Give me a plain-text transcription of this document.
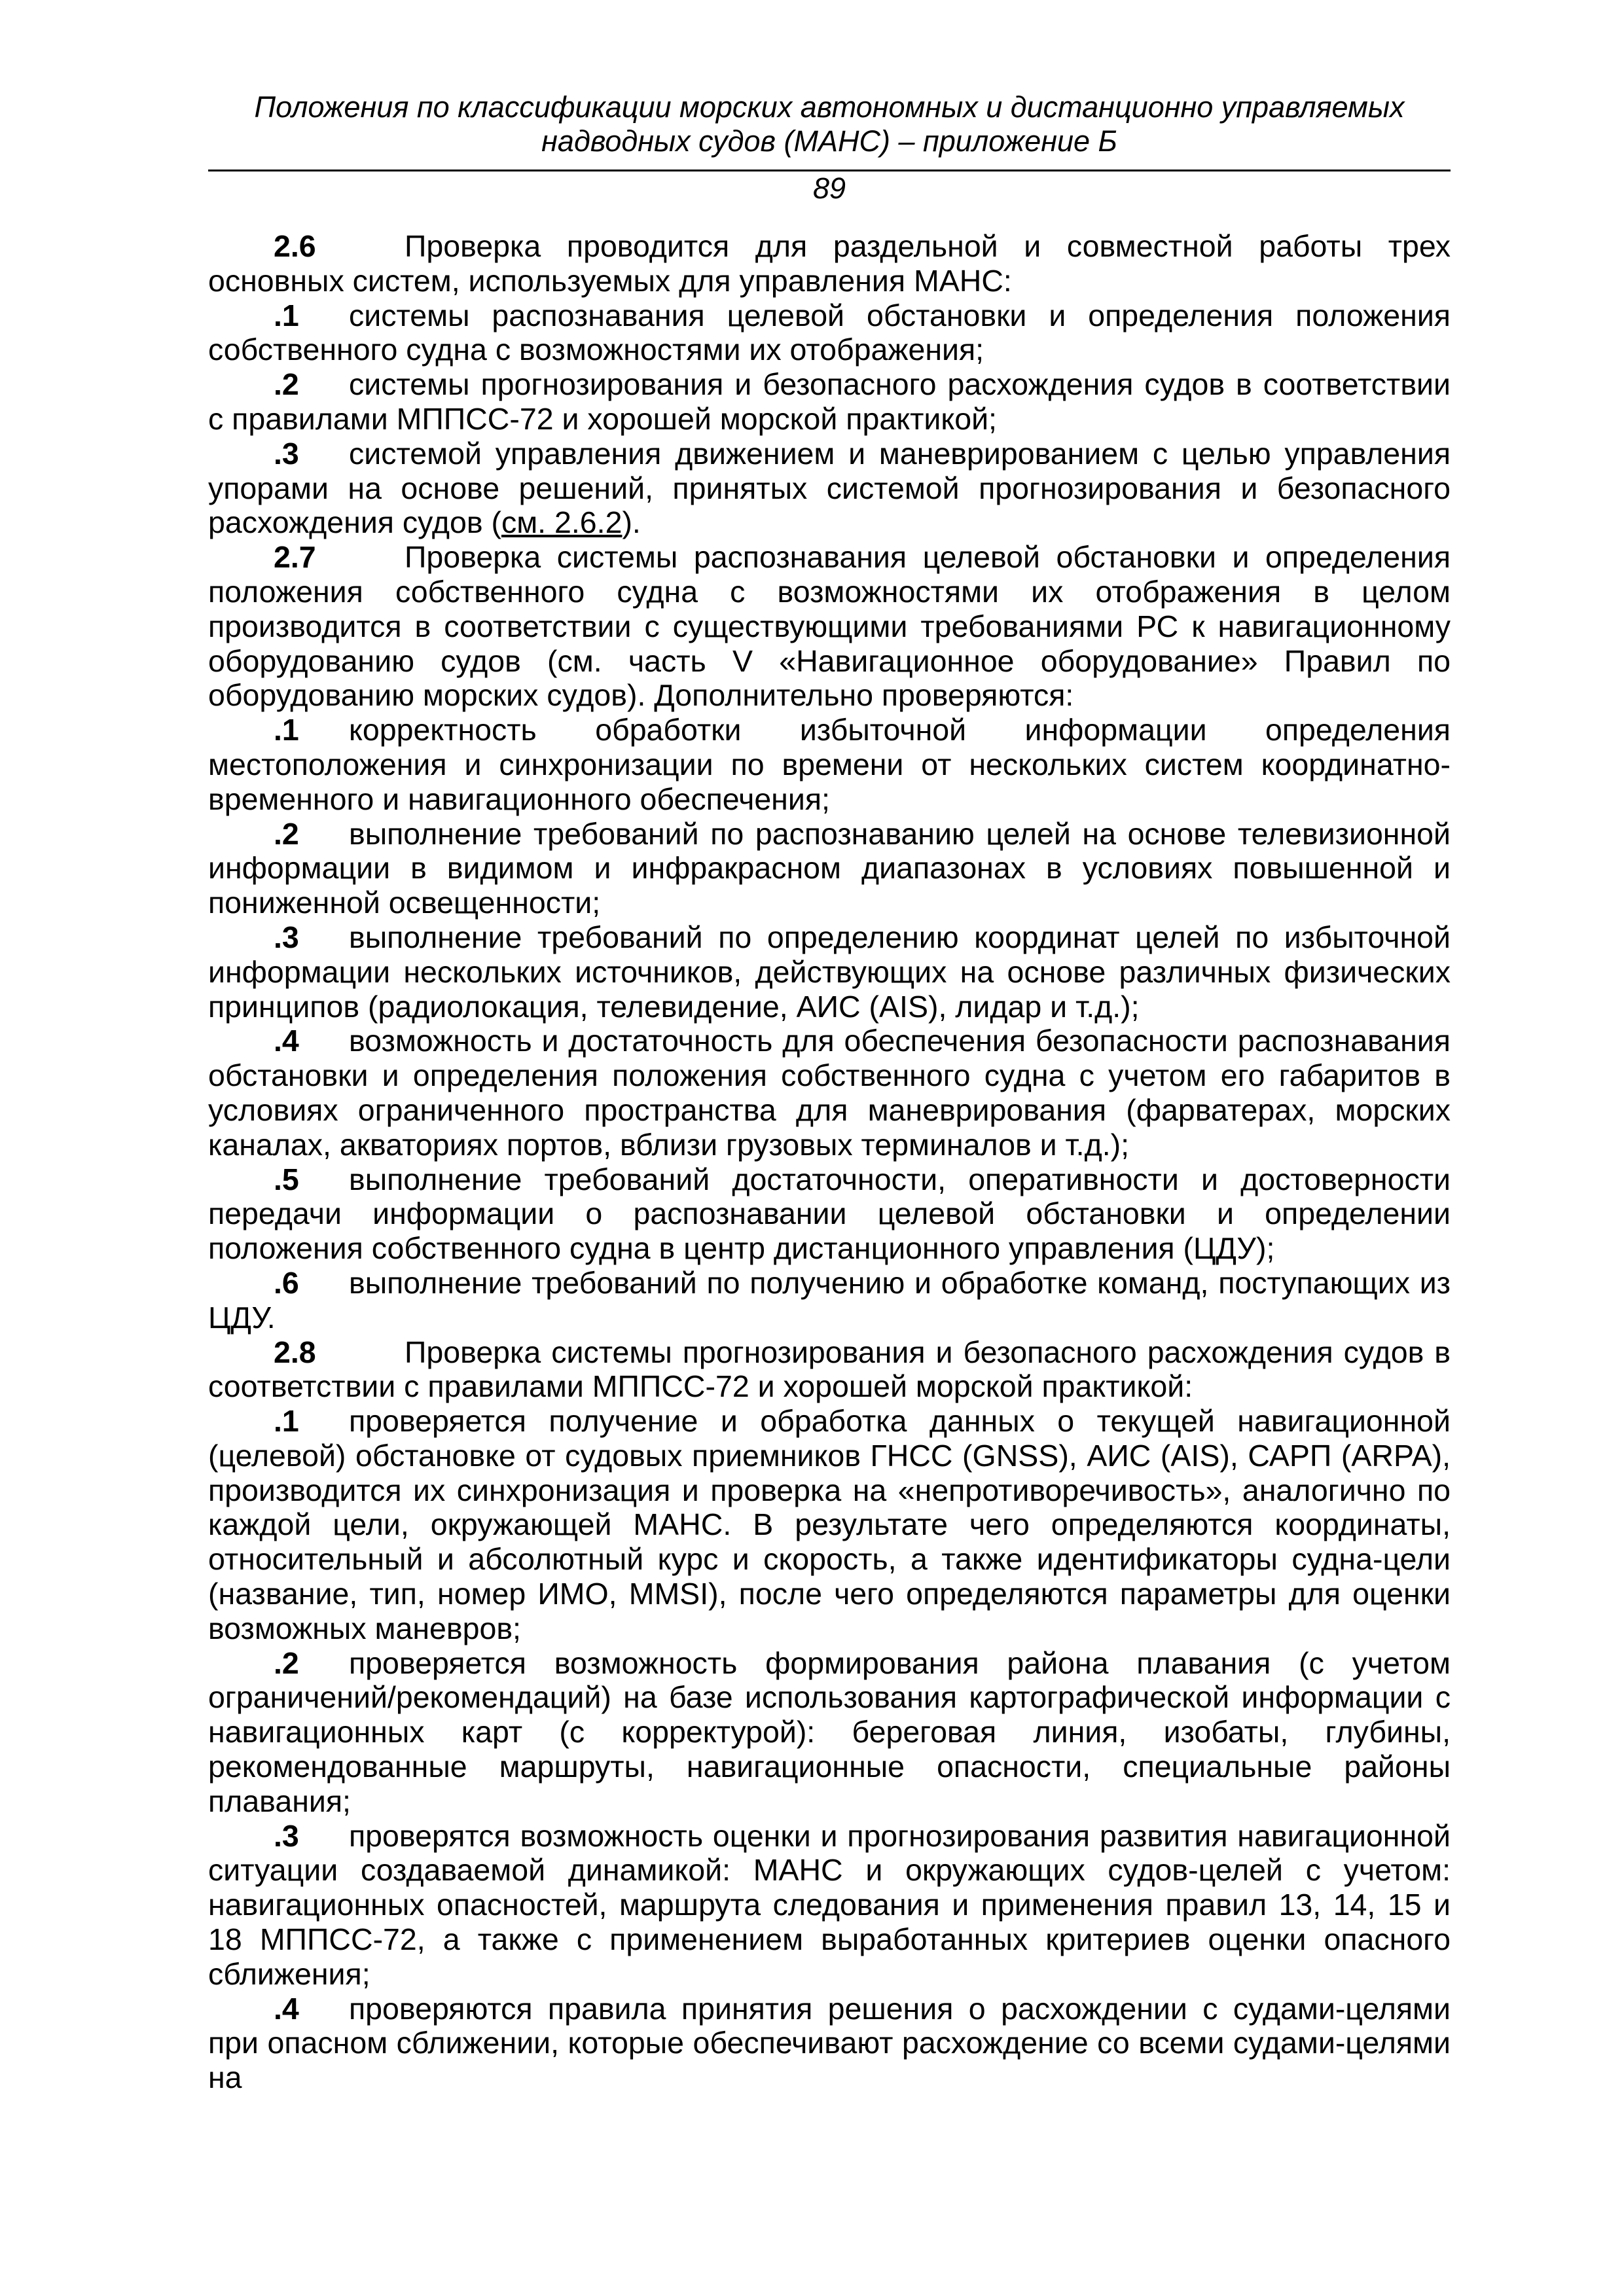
Положения по классификации морских автономных и дистанционно управляемых
надводных судов (МАНС) – приложение Б
89

2.6	Проверка проводится для раздельной и совместной работы трех основных систем, используемых для управления МАНС:

.1 системы распознавания целевой обстановки и определения положения собственного судна с возможностями их отображения;

.2 системы прогнозирования и безопасного расхождения судов в соответствии с правилами МППСС-72 и хорошей морской практикой;

.3 системой управления движением и маневрированием с целью управления упорами на основе решений, принятых системой прогнозирования и безопасного расхождения судов (см. 2.6.2).

2.7	Проверка системы распознавания целевой обстановки и определения положения собственного судна с возможностями их отображения в целом производится в соответствии с существующими требованиями РС к навигационному оборудованию судов (см. часть V «Навигационное оборудование» Правил по оборудованию морских судов). Дополнительно проверяются:

.1 корректность обработки избыточной информации определения местоположения и синхронизации по времени от нескольких систем координатно-временного и навигационного обеспечения;

.2 выполнение требований по распознаванию целей на основе телевизионной информации в видимом и инфракрасном диапазонах в условиях повышенной и пониженной освещенности;

.3 выполнение требований по определению координат целей по избыточной информации нескольких источников, действующих на основе различных физических принципов (радиолокация, телевидение, АИС (AIS), лидар и т.д.);

.4 возможность и достаточность для обеспечения безопасности распознавания обстановки и определения положения собственного судна с учетом его габаритов в условиях ограниченного пространства для маневрирования (фарватерах, морских каналах, акваториях портов, вблизи грузовых терминалов и т.д.);

.5 выполнение требований достаточности, оперативности и достоверности передачи информации о распознавании целевой обстановки и определении положения собственного судна в центр дистанционного управления (ЦДУ);

.6 выполнение требований по получению и обработке команд, поступающих из ЦДУ.

2.8	Проверка системы прогнозирования и безопасного расхождения судов в соответствии с правилами МППСС-72 и хорошей морской практикой:

.1 проверяется получение и обработка данных о текущей навигационной (целевой) обстановке от судовых приемников ГНСС (GNSS), АИС (AIS), САРП (ARPA), производится их синхронизация и проверка на «непротиворечивость», аналогично по каждой цели, окружающей МАНС. В результате чего определяются координаты, относительный и абсолютный курс и скорость, а также идентификаторы судна-цели (название, тип, номер ИМО, MMSI), после чего определяются параметры для оценки возможных маневров;

.2 проверяется возможность формирования района плавания (с учетом ограничений/рекомендаций) на базе использования картографической информации с навигационных карт (с корректурой): береговая линия, изобаты, глубины, рекомендованные маршруты, навигационные опасности, специальные районы плавания;

.3 проверятся возможность оценки и прогнозирования развития навигационной ситуации создаваемой динамикой: МАНС и окружающих судов-целей с учетом: навигационных опасностей, маршрута следования и применения правил 13, 14, 15 и 18 МППСС-72, а также с применением выработанных критериев оценки опасного сближения;

.4 проверяются правила принятия решения о расхождении с судами-целями при опасном сближении, которые обеспечивают расхождение со всеми судами-целями на
